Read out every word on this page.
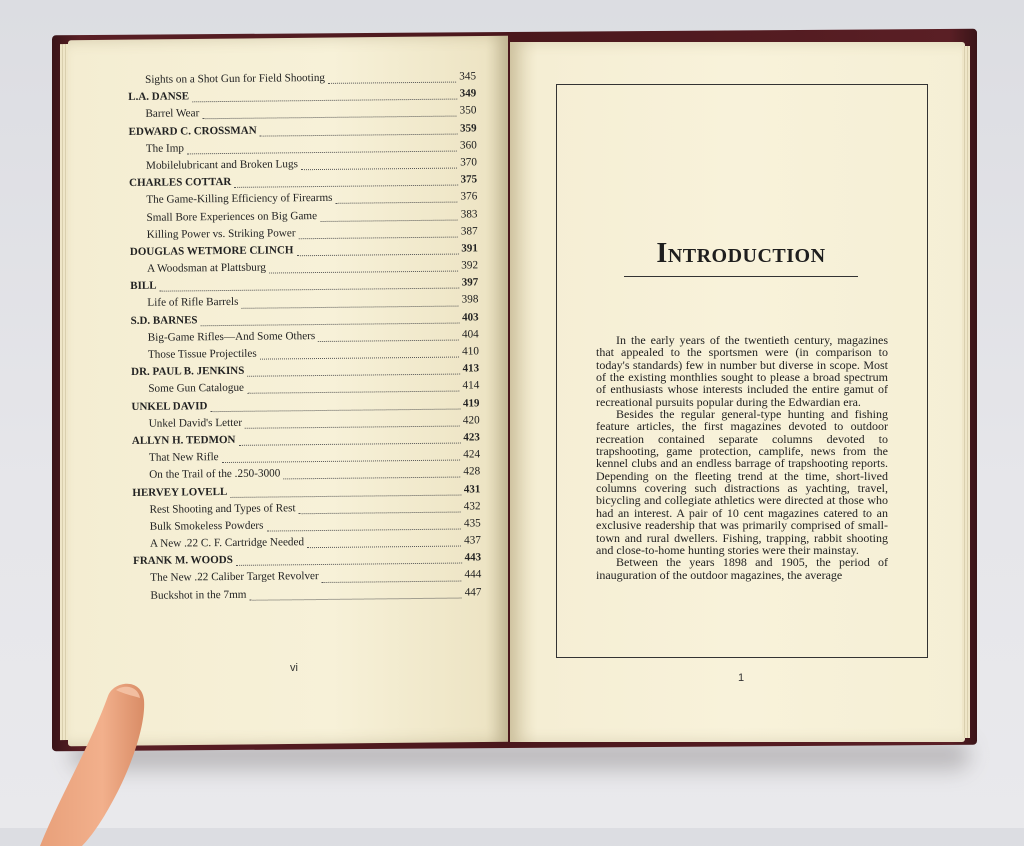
Sights on a Shot Gun for Field Shooting	345
L.A. DANSE	349
Barrel Wear	350
EDWARD C. CROSSMAN	359
The Imp	360
Mobilelubricant and Broken Lugs	370
CHARLES COTTAR	375
The Game-Killing Efficiency of Firearms	376
Small Bore Experiences on Big Game	383
Killing Power vs. Striking Power	387
DOUGLAS WETMORE CLINCH	391
A Woodsman at Plattsburg	392
BILL	397
Life of Rifle Barrels	398
S.D. BARNES	403
Big-Game Rifles—And Some Others	404
Those Tissue Projectiles	410
DR. PAUL B. JENKINS	413
Some Gun Catalogue	414
UNKEL DAVID	419
Unkel David's Letter	420
ALLYN H. TEDMON	423
That New Rifle	424
On the Trail of the .250-3000	428
HERVEY LOVELL	431
Rest Shooting and Types of Rest	432
Bulk Smokeless Powders	435
A New .22 C. F. Cartridge Needed	437
FRANK M. WOODS	443
The New .22 Caliber Target Revolver	444
Buckshot in the 7mm	447

vi
Introduction

In the early years of the twentieth century, magazines that appealed to the sportsmen were (in comparison to today's standards) few in number but diverse in scope. Most of the existing monthlies sought to please a broad spectrum of enthusiasts whose interests included the entire gamut of recreational pursuits popular during the Edwardian era.

Besides the regular general-type hunting and fishing feature articles, the first magazines devoted to outdoor recreation contained separate columns devoted to trapshooting, game protection, camplife, news from the kennel clubs and an endless barrage of trapshooting reports. Depending on the fleeting trend at the time, short-lived columns covering such distractions as yachting, travel, bicycling and collegiate athletics were directed at those who had an interest. A pair of 10 cent magazines catered to an exclusive readership that was primarily comprised of small-town and rural dwellers. Fishing, trapping, rabbit shooting and close-to-home hunting stories were their mainstay.

Between the years 1898 and 1905, the period of inauguration of the outdoor magazines, the average

1
